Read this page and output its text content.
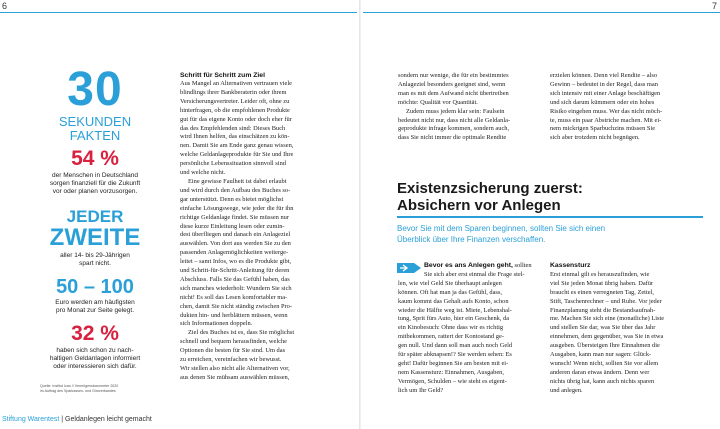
6	7
30
SEKUNDEN
FAKTEN
54 %
der Menschen in Deutschland
sorgen finanziell für die Zukunft
vor oder planen vorzusorgen.
JEDER
ZWEITE
aller 14- bis 29-Jährigen
spart nicht.
50 – 100
Euro werden am häufigsten
pro Monat zur Seite gelegt.
32 %
haben sich schon zu nach-
haltigen Geldanlagen informiert
oder interessieren sich dafür.
Quelle: Institut Ican // Vermögensbarometer 2020
im Auftrag des Sparkassen- und Giroverbandes
Schritt für Schritt zum Ziel
Aus Mangel an Alternativen vertrauen viele
blindlings ihrer Bankberaterin oder ihrem
Versicherungsvertreter. Leider oft, ohne zu
hinterfragen, ob die empfohlenen Produkte
gut für das eigene Konto oder doch eher für
das des Empfehlenden sind: Dieses Buch
wird Ihnen helfen, das einschätzen zu kön-
nen. Damit Sie am Ende ganz genau wissen,
welche Geldanlageprodukte für Sie und Ihre
persönliche Lebenssituation sinnvoll sind
und welche nicht.
Eine gewisse Faulheit ist dabei erlaubt
und wird durch den Aufbau des Buches so-
gar unterstützt. Denn es bietet möglichst
einfache Lösungswege, wie jeder die für ihn
richtige Geldanlage findet. Sie müssen nur
diese kurze Einleitung lesen oder zumin-
dest überfliegen und danach ein Anlageziel
auswählen. Von dort aus werden Sie zu den
passenden Anlagemöglichkeiten weiterge-
leitet – samt Infos, wo es die Produkte gibt,
und Schritt-für-Schritt-Anleitung für deren
Abschluss. Falls Sie das Gefühl haben, das
sich manches wiederholt: Wundern Sie sich
nicht! Es soll das Lesen komfortabler ma-
chen, damit Sie nicht ständig zwischen Pro-
dukten hin- und herblättern müssen, wenn
sich Informationen doppeln.
Ziel des Buches ist es, dass Sie möglichst
schnell und bequem herausfinden, welche
Optionen die besten für Sie sind. Um das
zu erreichen, vereinfachen wir bewusst.
Wir stellen also nicht alle Alternativen vor,
aus denen Sie mühsam auswählen müssen,
sondern nur wenige, die für ein bestimmtes
Anlageziel besonders geeignet sind, wenn
man es mit dem Aufwand nicht übertreiben
möchte: Qualität vor Quantität.
Zudem muss jedem klar sein: Faulsein
bedeutet nicht nur, dass nicht alle Geldanla-
geprodukte infrage kommen, sondern auch,
dass Sie nicht immer die optimale Rendite
erzielen können. Denn viel Rendite – also
Gewinn – bedeutet in der Regel, dass man
sich intensiv mit einer Anlage beschäftigen
und sich darum kümmern oder ein hohes
Risiko eingehen muss. Wer das nicht möch-
te, muss ein paar Abstriche machen. Mit ei-
nem mickrigen Sparbuchzins müssen Sie
sich aber trotzdem nicht begnügen.
Existenzsicherung zuerst:
Absichern vor Anlegen
Bevor Sie mit dem Sparen beginnen, sollten Sie sich einen
Überblick über Ihre Finanzen verschaffen.
Bevor es ans Anlegen geht, sollten
Sie sich aber erst einmal die Frage stel-
len, wie viel Geld Sie überhaupt anlegen
können. Oft hat man ja das Gefühl, dass,
kaum kommt das Gehalt aufs Konto, schon
wieder die Hälfte weg ist. Miete, Lebenshal-
tung, Sprit fürs Auto, hier ein Geschenk, da
ein Kinobesuch: Ohne dass wir es richtig
mitbekommen, rattert der Kontostand ge-
gen null. Und dann soll man auch noch Geld
für später abknapsen!? Sie werden sehen: Es
geht! Dafür beginnen Sie am besten mit ei-
nem Kassensturz: Einnahmen, Ausgaben,
Vermögen, Schulden – wie steht es eigent-
lich um Ihr Geld?
Kassensturz
Erst einmal gilt es herauszufinden, wie
viel Sie jeden Monat übrig haben. Dafür
braucht es einen verregneten Tag, Zettel,
Stift, Taschenrechner – und Ruhe. Vor jeder
Finanzplanung steht die Bestandsaufnah-
me. Machen Sie sich eine (monatliche) Liste
und stellen Sie dar, was Sie über das Jahr
einnehmen, dem gegenüber, was Sie in etwa
ausgeben. Übersteigen Ihre Einnahmen die
Ausgaben, kann man nur sagen: Glück-
wunsch! Wenn nicht, sollten Sie vor allem
anderen daran etwas ändern. Denn wer
nichts übrig hat, kann auch nichts sparen
und anlegen.
Stiftung Warentest | Geldanlegen leicht gemacht
